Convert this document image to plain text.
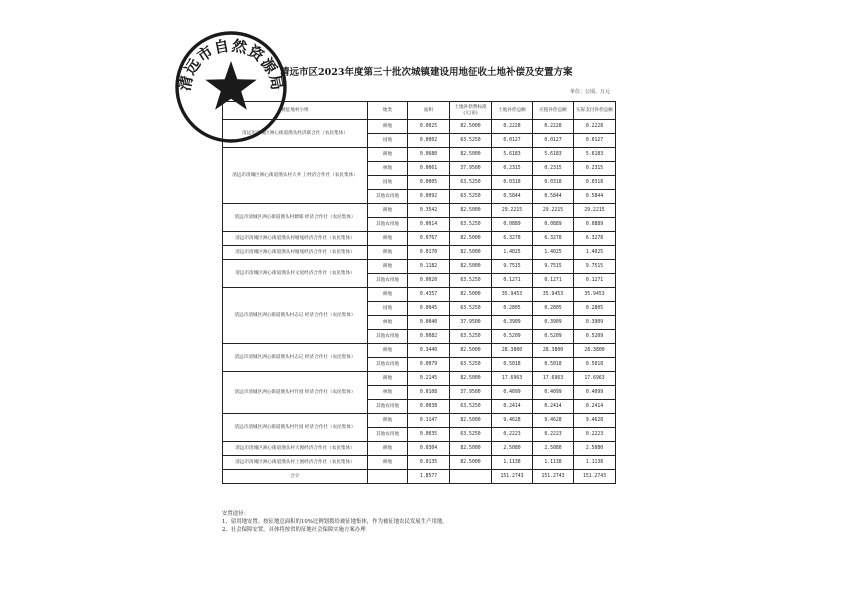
清远市自然资源局
清远市区2023年度第三十批次城镇建设用地征收土地补偿及安置方案
单位：公顷、万元
被征地村小组	地类	面积	土地补偿费标准(元/亩)	土地补偿总额	应拨补偿总额	实际支付补偿总额
清远市清城区洲心街道渔头经济联合社（农民集体）	耕地	0.0025	82.5000	0.2228	0.2228	0.2228
	园地	0.0002	63.5250	0.0127	0.0127	0.0127
清远市清城区洲心街道渔头村大井 上经济合作社（农民集体）	耕地	0.0680	82.5000	5.6183	5.6183	5.6183
	林地	0.0061	37.9500	0.2315	0.2315	0.2315
	园地	0.0005	63.5250	0.0318	0.0318	0.0318
	其他农用地	0.0092	63.5250	0.5844	0.5844	0.5844
清远市清城区洲心街道渔头村塘埔 经济合作社（农民集体）	耕地	0.3542	82.5000	29.2215	29.2215	29.2215
	其他农用地	0.0014	63.5250	0.0889	0.0889	0.0889
清远市清城区洲心街道渔头村塘尾经济合作社（农民集体）	耕地	0.0767	82.5000	6.3278	6.3278	6.3278
清远市清城区洲心街道渔头村塘尾经济合作社（农民集体）	耕地	0.0170	82.5000	1.4025	1.4025	1.4025
清远市清城区洲心街道渔头村文屋经济合作社（农民集体）	耕地	0.1182	82.5000	9.7515	9.7515	9.7515
	其他农用地	0.0020	63.5250	0.1271	0.1271	0.1271
清远市清城区洲心街道渔头村志记 经济合作社（农民集体）	耕地	0.4357	82.5000	35.9453	35.9453	35.9453
	园地	0.0045	63.5250	0.2805	0.2805	0.2805
	林地	0.0040	37.9500	0.3909	0.3909	0.3909
	其他农用地	0.0082	63.5250	0.5209	0.5209	0.5209
清远市清城区洲心街道渔头村志记 经济合作社（农民集体）	耕地	0.3440	82.5000	28.3800	28.3800	28.3800
	其他农用地	0.0079	63.5250	0.5018	0.5018	0.5018
清远市清城区洲心街道渔头村竹园 经济合作社（农民集体）	耕地	0.2145	82.5000	17.6963	17.6963	17.6963
	林地	0.0108	37.9500	0.4099	0.4099	0.4099
	其他农用地	0.0038	63.5250	0.2414	0.2414	0.2414
清远市清城区洲心街道渔头村竹园 经济合作社（农民集体）	耕地	0.1147	82.5000	9.4628	9.4628	9.4628
	其他农用地	0.0035	63.5250	0.2223	0.2223	0.2223
清远市清城区洲心街道渔头村大围经济合作社（农民集体）	耕地	0.0304	82.5000	2.5080	2.5080	2.5080
清远市清城区洲心街道渔头村上围经济合作社（农民集体）	耕地	0.0135	82.5000	1.1138	1.1138	1.1138
合计		1.8577		151.2743	151.2743	151.2743
安置途径：
1、留用地安置。按征地总面积的10%比例划拨给被征地集体，作为被征地农民发展生产用地。
2、社会保障安置。具体将按省的征地社会保障实施方案办理
